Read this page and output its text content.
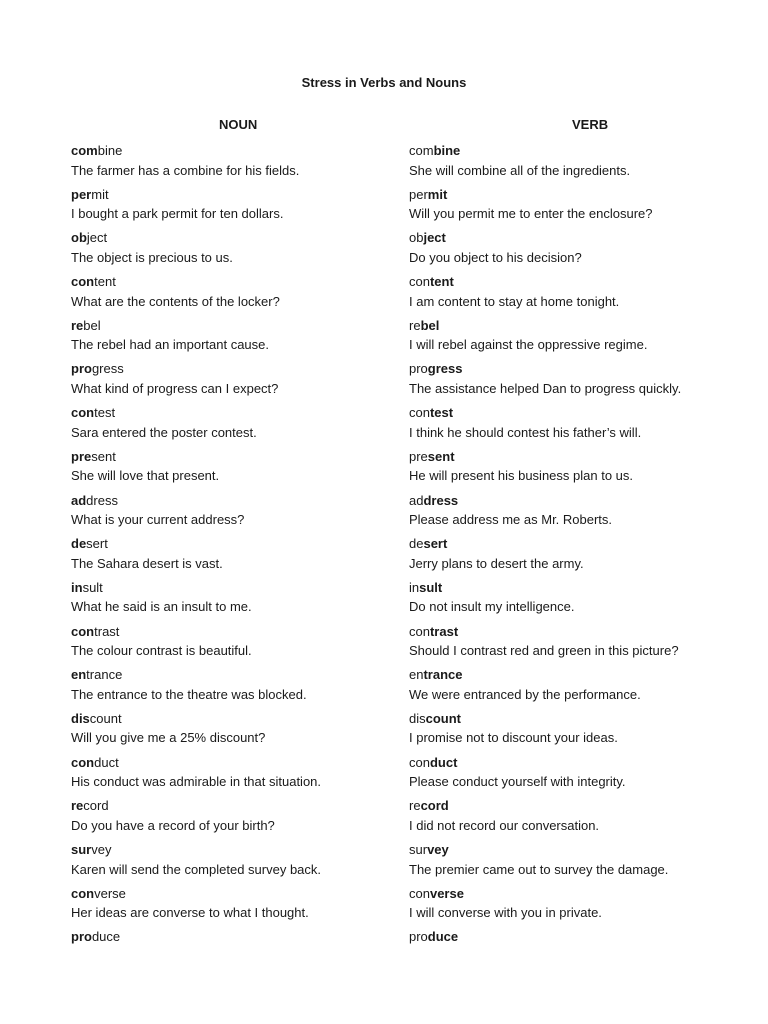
Stress in Verbs and Nouns
NOUN	VERB
combine
The farmer has a combine for his fields.
permit
I bought a park permit for ten dollars.
object
The object is precious to us.
content
What are the contents of the locker?
rebel
The rebel had an important cause.
progress
What kind of progress can I expect?
contest
Sara entered the poster contest.
present
She will love that present.
address
What is your current address?
desert
The Sahara desert is vast.
insult
What he said is an insult to me.
contrast
The colour contrast is beautiful.
entrance
The entrance to the theatre was blocked.
discount
Will you give me a 25% discount?
conduct
His conduct was admirable in that situation.
record
Do you have a record of your birth?
survey
Karen will send the completed survey back.
converse
Her ideas are converse to what I thought.
produce
combine
She will combine all of the ingredients.
permit
Will you permit me to enter the enclosure?
object
Do you object to his decision?
content
I am content to stay at home tonight.
rebel
I will rebel against the oppressive regime.
progress
The assistance helped Dan to progress quickly.
contest
I think he should contest his father’s will.
present
He will present his business plan to us.
address
Please address me as Mr. Roberts.
desert
Jerry plans to desert the army.
insult
Do not insult my intelligence.
contrast
Should I contrast red and green in this picture?
entrance
We were entranced by the performance.
discount
I promise not to discount your ideas.
conduct
Please conduct yourself with integrity.
record
I did not record our conversation.
survey
The premier came out to survey the damage.
converse
I will converse with you in private.
produce
